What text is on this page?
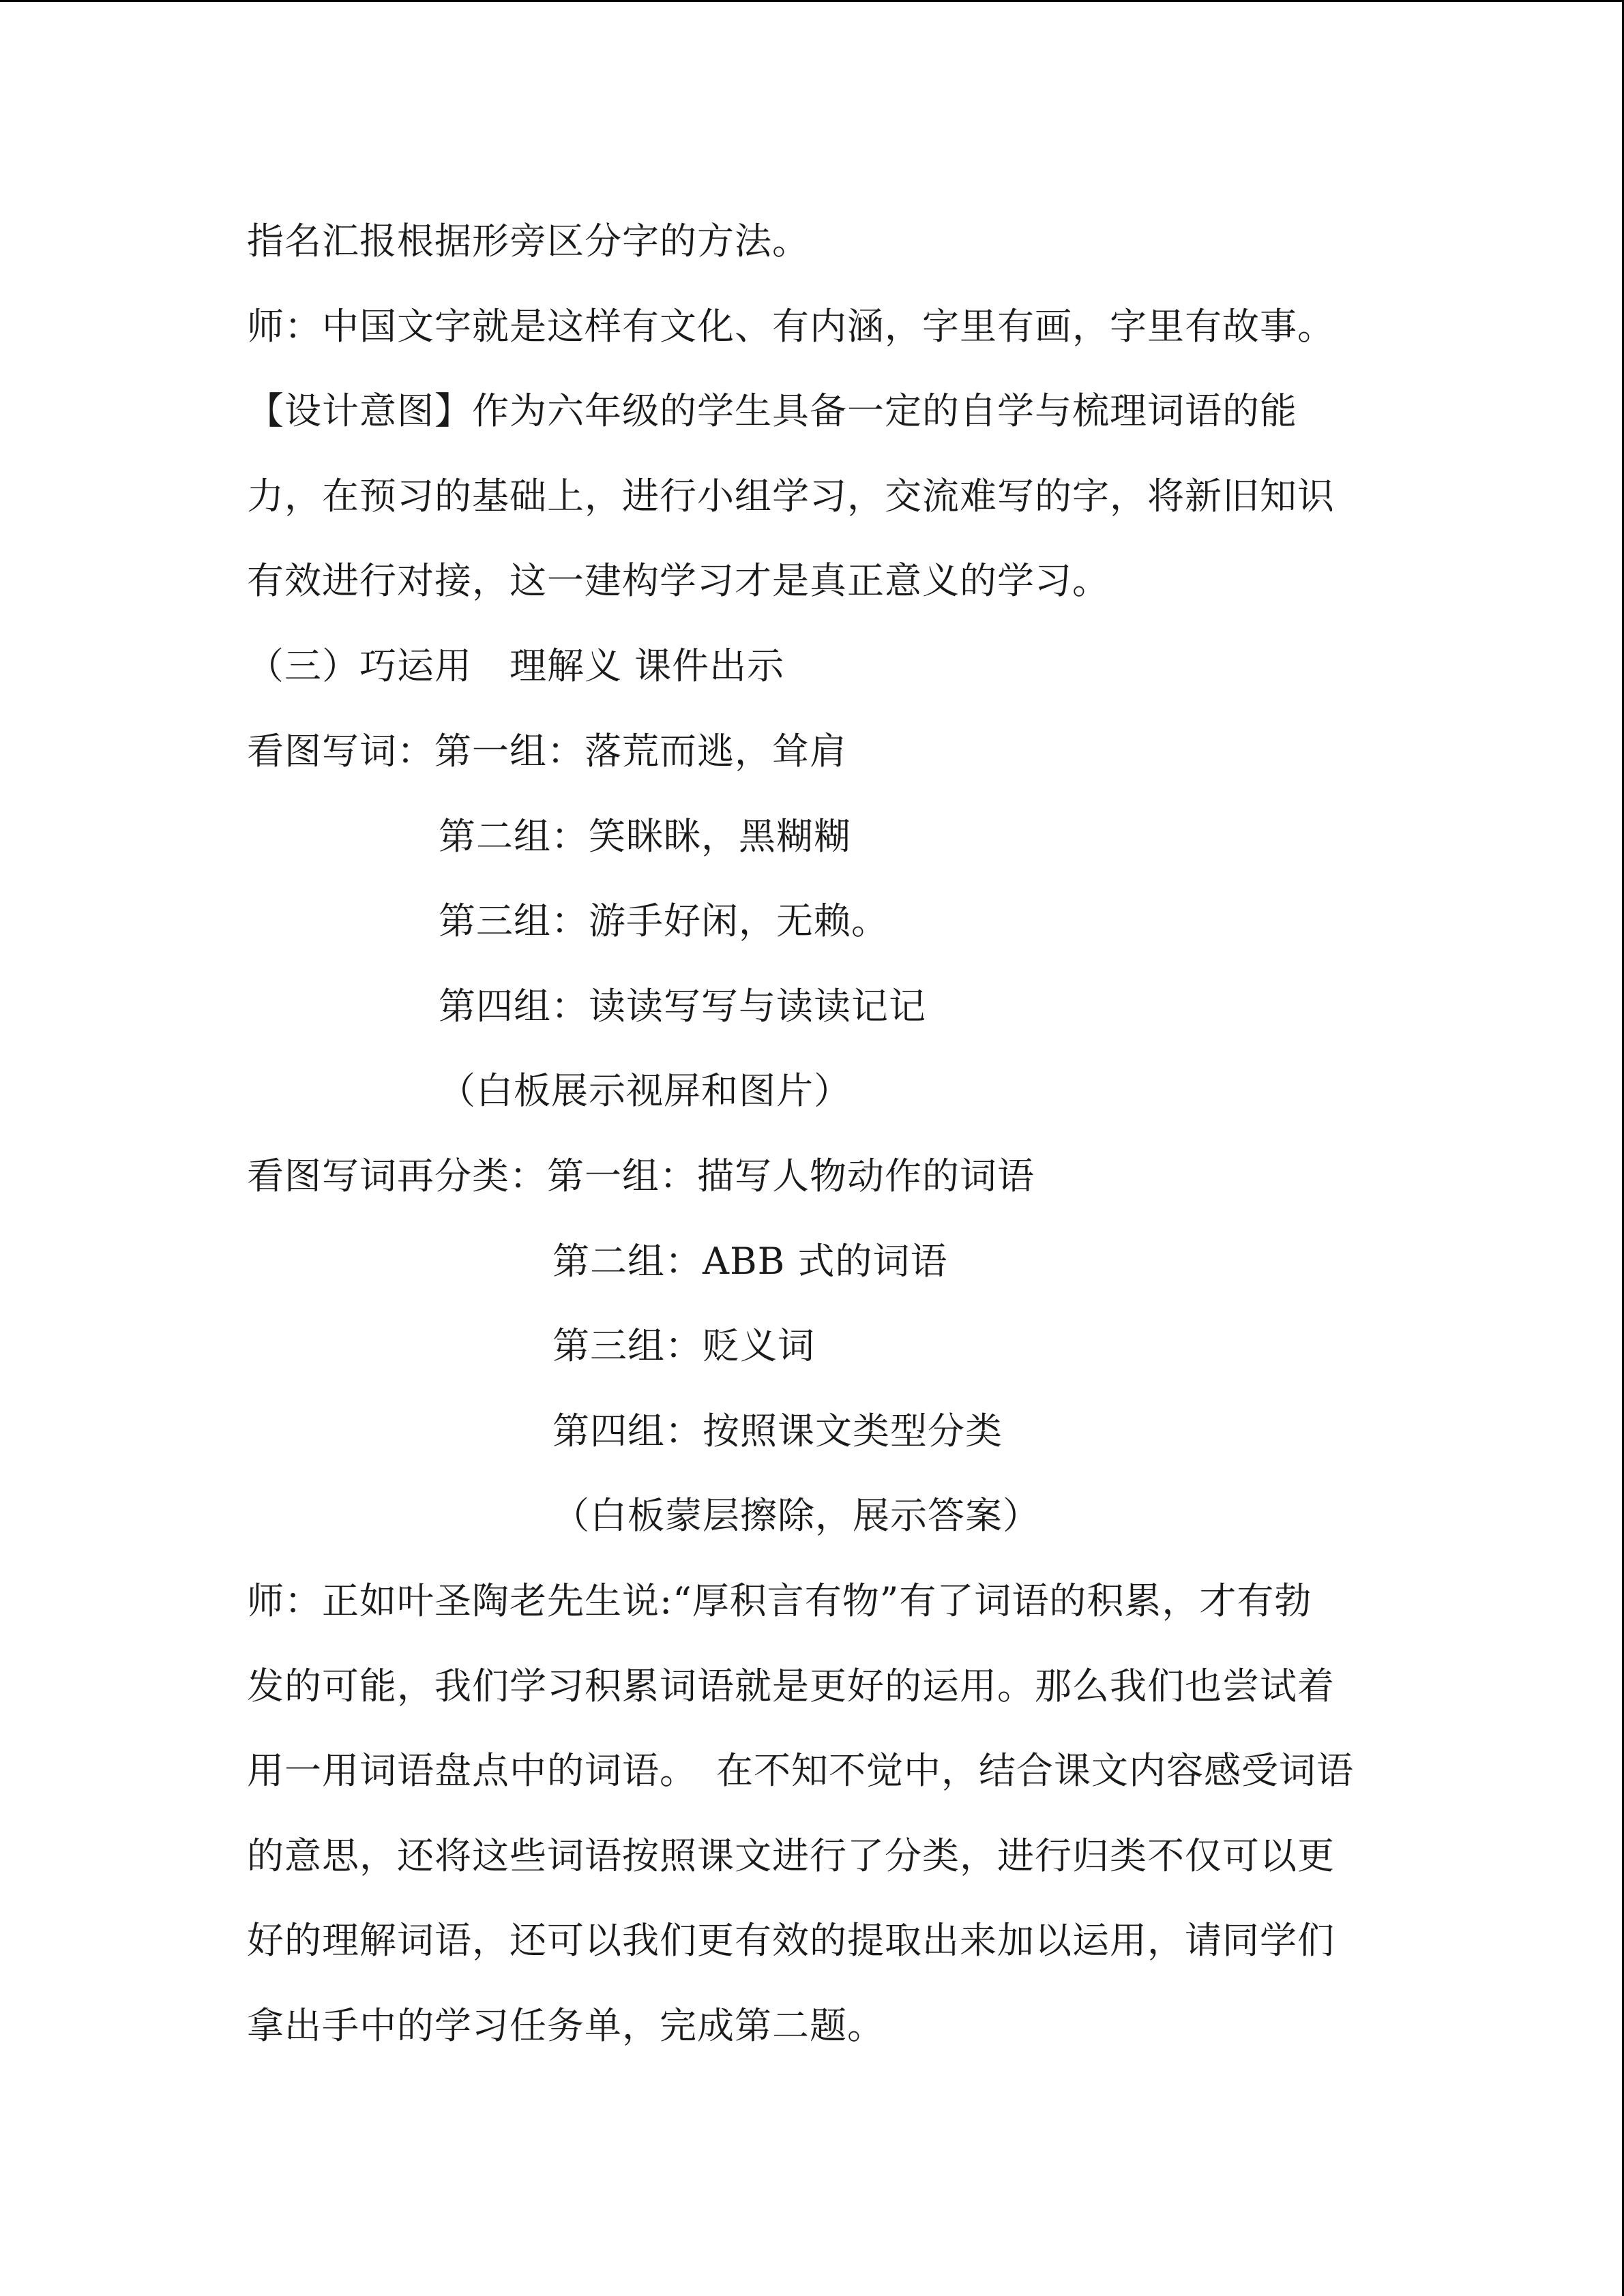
指名汇报根据形旁区分字的方法。
师：中国文字就是这样有文化、有内涵，字里有画，字里有故事。
【设计意图】作为六年级的学生具备一定的自学与梳理词语的能
力，在预习的基础上，进行小组学习，交流难写的字，将新旧知识
有效进行对接，这一建构学习才是真正意义的学习。
（三）巧运用　理解义 课件出示
看图写词：第一组：落荒而逃，耸肩
第二组：笑眯眯，黑糊糊
第三组：游手好闲，无赖。
第四组：读读写写与读读记记
（白板展示视屏和图片）
看图写词再分类：第一组：描写人物动作的词语
第二组：ABB 式的词语
第三组：贬义词
第四组：按照课文类型分类
（白板蒙层擦除，展示答案）
师：正如叶圣陶老先生说:“厚积言有物”有了词语的积累，才有勃
发的可能，我们学习积累词语就是更好的运用。那么我们也尝试着
用一用词语盘点中的词语。　在不知不觉中，结合课文内容感受词语
的意思，还将这些词语按照课文进行了分类，进行归类不仅可以更
好的理解词语，还可以我们更有效的提取出来加以运用，请同学们
拿出手中的学习任务单，完成第二题。
